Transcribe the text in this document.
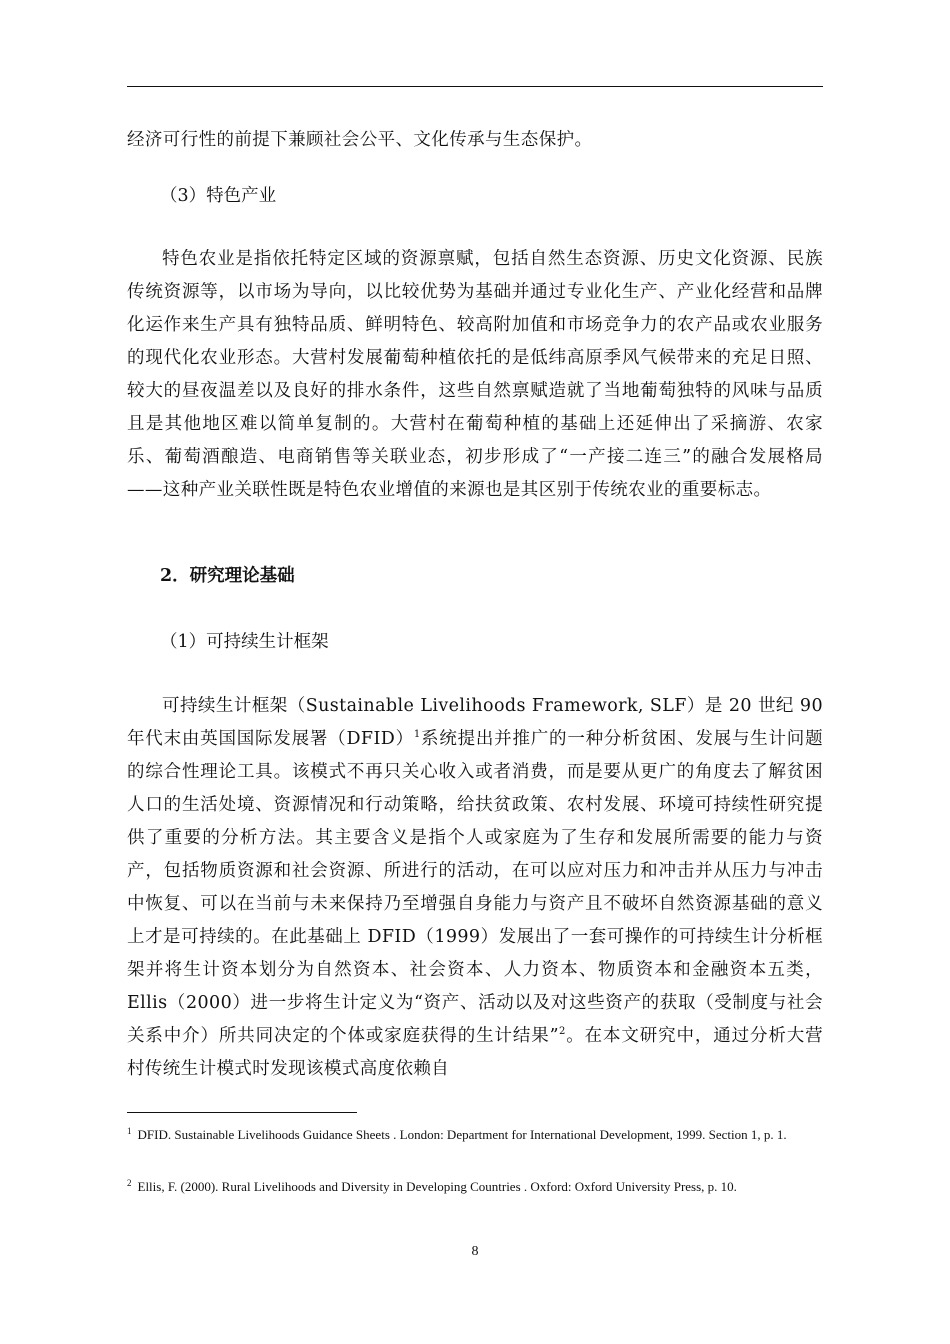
经济可行性的前提下兼顾社会公平、文化传承与生态保护。

（3）特色产业

特色农业是指依托特定区域的资源禀赋，包括自然生态资源、历史文化资源、民族传统资源等，以市场为导向，以比较优势为基础并通过专业化生产、产业化经营和品牌化运作来生产具有独特品质、鲜明特色、较高附加值和市场竞争力的农产品或农业服务的现代化农业形态。大营村发展葡萄种植依托的是低纬高原季风气候带来的充足日照、较大的昼夜温差以及良好的排水条件，这些自然禀赋造就了当地葡萄独特的风味与品质且是其他地区难以简单复制的。大营村在葡萄种植的基础上还延伸出了采摘游、农家乐、葡萄酒酿造、电商销售等关联业态，初步形成了“一产接二连三”的融合发展格局——这种产业关联性既是特色农业增值的来源也是其区别于传统农业的重要标志。

2．研究理论基础

（1）可持续生计框架

可持续生计框架（Sustainable Livelihoods Framework, SLF）是 20 世纪 90 年代末由英国国际发展署（DFID）$^1$系统提出并推广的一种分析贫困、发展与生计问题的综合性理论工具。该模式不再只关心收入或者消费，而是要从更广的角度去了解贫困人口的生活处境、资源情况和行动策略，给扶贫政策、农村发展、环境可持续性研究提供了重要的分析方法。其主要含义是指个人或家庭为了生存和发展所需要的能力与资产，包括物质资源和社会资源、所进行的活动，在可以应对压力和冲击并从压力与冲击中恢复、可以在当前与未来保持乃至增强自身能力与资产且不破坏自然资源基础的意义上才是可持续的。在此基础上 DFID（1999）发展出了一套可操作的可持续生计分析框架并将生计资本划分为自然资本、社会资本、人力资本、物质资本和金融资本五类，Ellis（2000）进一步将生计定义为“资产、活动以及对这些资产的获取（受制度与社会关系中介）所共同决定的个体或家庭获得的生计结果”$^2$。在本文研究中，通过分析大营村传统生计模式时发现该模式高度依赖自

$^1$ DFID. Sustainable Livelihoods Guidance Sheets . London: Department for International Development, 1999. Section 1, p. 1.

$^2$ Ellis, F. (2000). Rural Livelihoods and Diversity in Developing Countries . Oxford: Oxford University Press, p. 10.

8
